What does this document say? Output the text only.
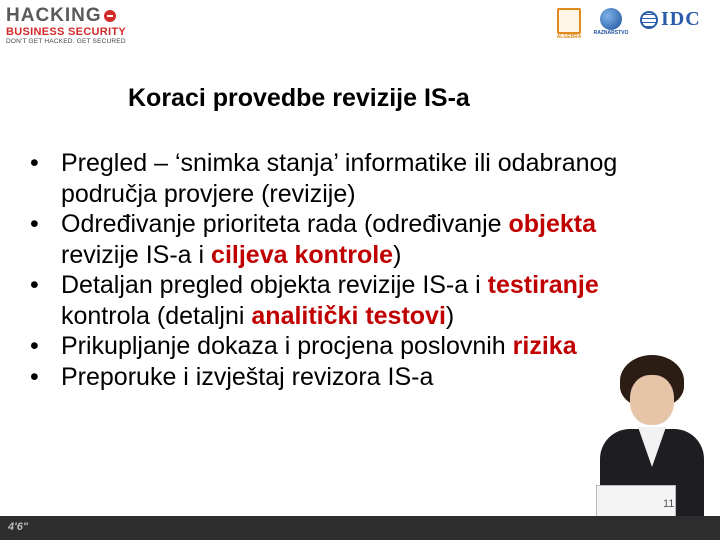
HACKING
BUSINESS SECURITY
DON'T GET HACKED. GET SECURED
ALGEBRA
RAZNARSTVO
IDC
Koraci provedbe revizije IS-a
• Pregled – ‘snimka stanja’ informatike ili odabranog područja provjere (revizije)
• Određivanje prioriteta rada (određivanje objekta revizije IS-a i ciljeva kontrole)
• Detaljan pregled objekta revizije IS-a i testiranje kontrola (detaljni analitički testovi)
• Prikupljanje dokaza i procjena poslovnih rizika
• Preporuke i izvještaj revizora IS-a
11
4'6"
